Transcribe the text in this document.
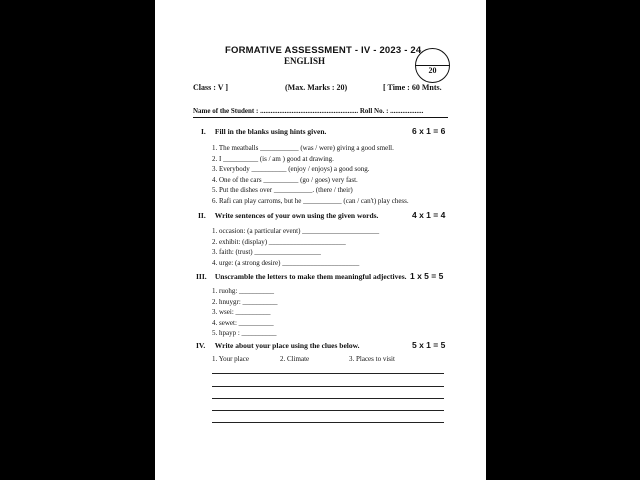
FORMATIVE ASSESSMENT - IV - 2023 - 24
ENGLISH
20
Class : V ]	(Max. Marks : 20)	[ Time : 60 Mnts.
Name of the Student : ........................................................ Roll No. : ...................
I. Fill in the blanks using hints given.	6 x 1 = 6
1. The meatballs ___________ (was / were) giving a good smell.
2. I __________ (is / am ) good at drawing.
3. Everybody __________ (enjoy / enjoys) a good song.
4. One of the cars __________ (go / goes) very fast.
5. Put the dishes over ___________. (there / their)
6. Rafi can play carroms, but he ___________ (can / can't) play chess.
II. Write sentences of your own using the given words.	4 x 1 = 4
1. occasion: (a particular event) ______________________
2. exhibit: (display) ______________________
3. faith: (trust) ___________________
4. urge: (a strong desire) ______________________
III. Unscramble the letters to make them meaningful adjectives. 1 x 5 = 5
1. ruohg: __________
2. hnuygr: __________
3. wsei: __________
4. sewet: __________
5. hpayp : __________
IV. Write about your place using the clues below.	5 x 1 = 5
1. Your place	2. Climate	3. Places to visit
